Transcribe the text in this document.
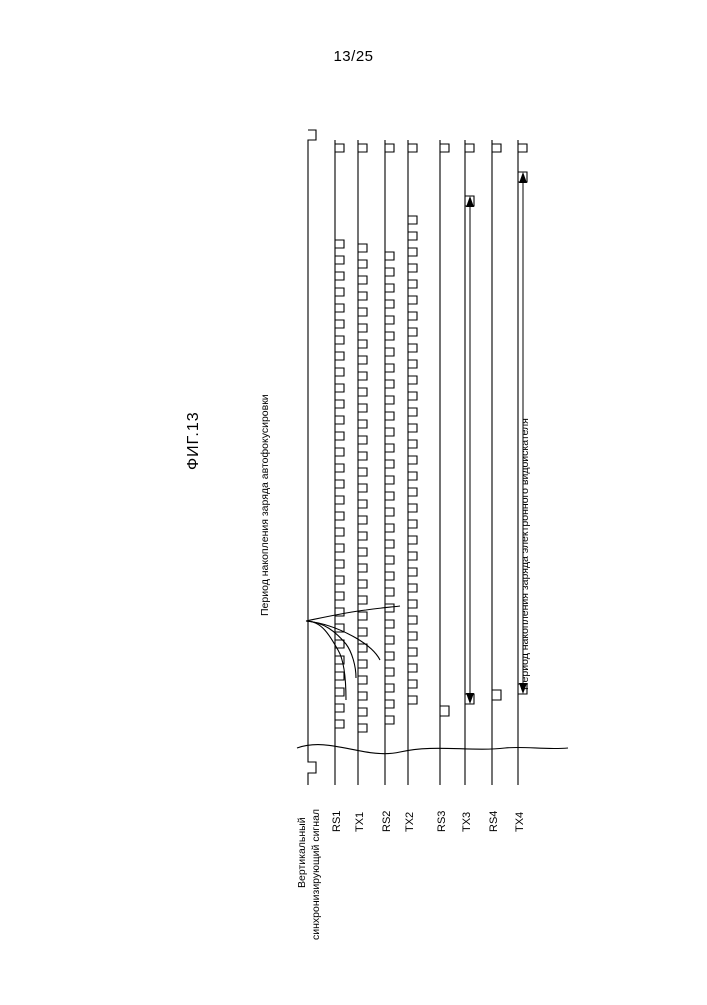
13/25
ФИГ.13
Вертикальный синхронизирующий сигнал RS1 TX1 RS2 TX2 RS3 TX3 RS4 TX4
Период накопления заряда автофокусировки	Период накопления заряда электронного видоискателя
